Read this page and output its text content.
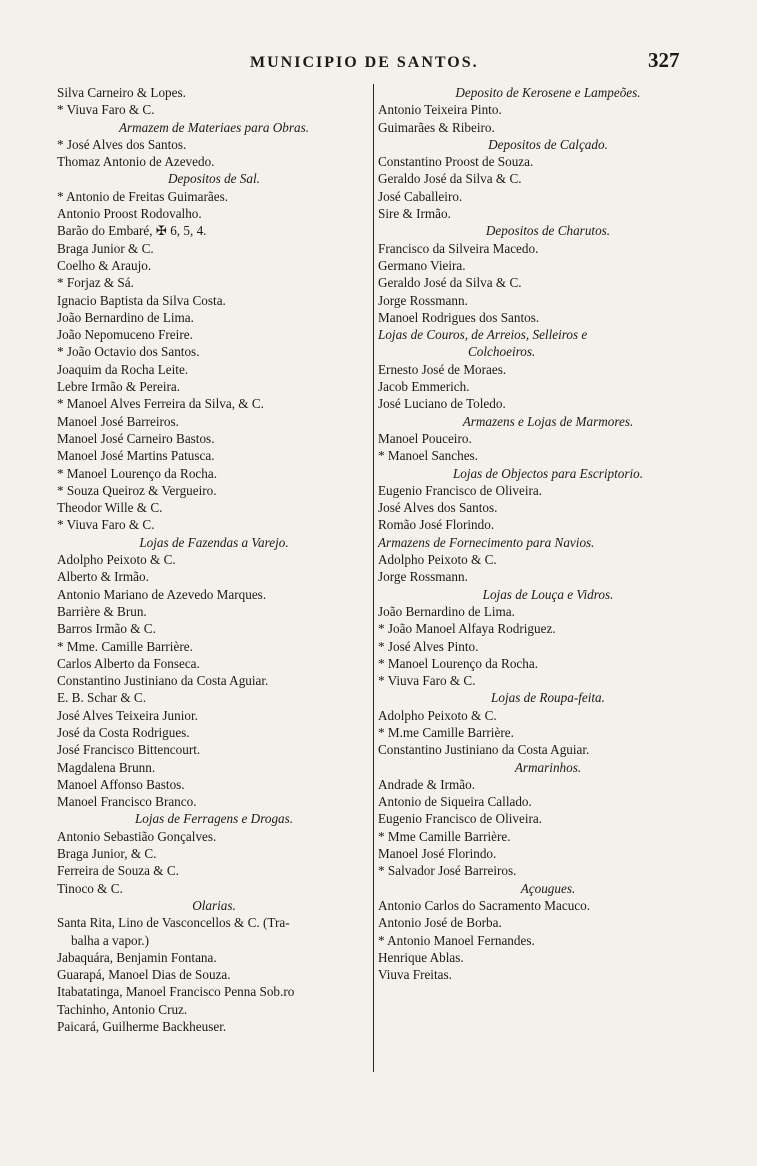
MUNICIPIO DE SANTOS.	327
Silva Carneiro & Lopes.
* Viuva Faro & C.
Armazem de Materiaes para Obras.
* José Alves dos Santos.
Thomaz Antonio de Azevedo.
Depositos de Sal.
* Antonio de Freitas Guimarães.
Antonio Proost Rodovalho.
Barão do Embaré, ✠ 6, 5, 4.
Braga Junior & C.
Coelho & Araujo.
* Forjaz & Sá.
Ignacio Baptista da Silva Costa.
João Bernardino de Lima.
João Nepomuceno Freire.
* João Octavio dos Santos.
Joaquim da Rocha Leite.
Lebre Irmão & Pereira.
* Manoel Alves Ferreira da Silva, & C.
Manoel José Barreiros.
Manoel José Carneiro Bastos.
Manoel José Martins Patusca.
* Manoel Lourenço da Rocha.
* Souza Queiroz & Vergueiro.
Theodor Wille & C.
* Viuva Faro & C.
Lojas de Fazendas a Varejo.
Adolpho Peixoto & C.
Alberto & Irmão.
Antonio Mariano de Azevedo Marques.
Barrière & Brun.
Barros Irmão & C.
* Mme. Camille Barrière.
Carlos Alberto da Fonseca.
Constantino Justiniano da Costa Aguiar.
E. B. Schar & C.
José Alves Teixeira Junior.
José da Costa Rodrigues.
José Francisco Bittencourt.
Magdalena Brunn.
Manoel Affonso Bastos.
Manoel Francisco Branco.
Lojas de Ferragens e Drogas.
Antonio Sebastião Gonçalves.
Braga Junior, & C.
Ferreira de Souza & C.
Tinoco & C.
Olarias.
Santa Rita, Lino de Vasconcellos & C. (Tra-
balha a vapor.)
Jabaquára, Benjamin Fontana.
Guarapá, Manoel Dias de Souza.
Itabatatinga, Manoel Francisco Penna Sob.ro
Tachinho, Antonio Cruz.
Paicará, Guilherme Backheuser.
Deposito de Kerosene e Lampeões.
Antonio Teixeira Pinto.
Guimarães & Ribeiro.
Depositos de Calçado.
Constantino Proost de Souza.
Geraldo José da Silva & C.
José Caballeiro.
Sire & Irmão.
Depositos de Charutos.
Francisco da Silveira Macedo.
Germano Vieira.
Geraldo José da Silva & C.
Jorge Rossmann.
Manoel Rodrigues dos Santos.
Lojas de Couros, de Arreios, Selleiros e
Colchoeiros.
Ernesto José de Moraes.
Jacob Emmerich.
José Luciano de Toledo.
Armazens e Lojas de Marmores.
Manoel Pouceiro.
* Manoel Sanches.
Lojas de Objectos para Escriptorio.
Eugenio Francisco de Oliveira.
José Alves dos Santos.
Romão José Florindo.
Armazens de Fornecimento para Navios.
Adolpho Peixoto & C.
Jorge Rossmann.
Lojas de Louça e Vidros.
João Bernardino de Lima.
* João Manoel Alfaya Rodriguez.
* José Alves Pinto.
* Manoel Lourenço da Rocha.
* Viuva Faro & C.
Lojas de Roupa-feita.
Adolpho Peixoto & C.
* M.me Camille Barrière.
Constantino Justiniano da Costa Aguiar.
Armarinhos.
Andrade & Irmão.
Antonio de Siqueira Callado.
Eugenio Francisco de Oliveira.
* Mme Camille Barrière.
Manoel José Florindo.
* Salvador José Barreiros.
Açougues.
Antonio Carlos do Sacramento Macuco.
Antonio José de Borba.
* Antonio Manoel Fernandes.
Henrique Ablas.
Viuva Freitas.
